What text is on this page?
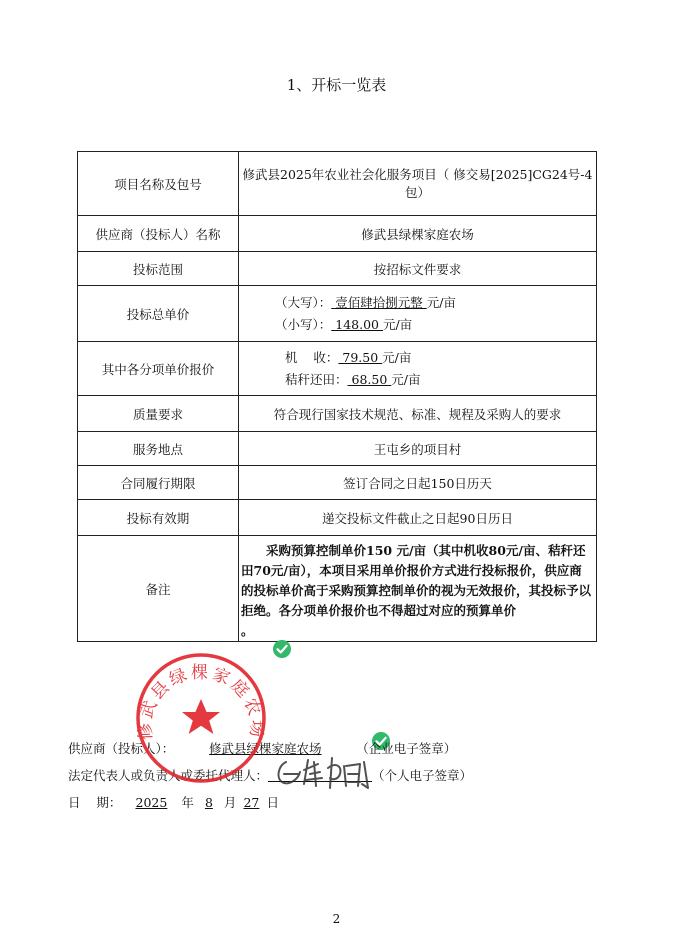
1、开标一览表
项目名称及包号	修武县2025年农业社会化服务项目（ 修交易[2025]CG24号-4包）
供应商（投标人）名称	修武县绿棵家庭农场
投标范围	按招标文件要求
投标总单价	（大写）： 壹佰肆拾捌元整 元/亩
（小写）： 148.00 元/亩

其中各分项单价报价	机    收： 79.50 元/亩
秸秆还田： 68.50 元/亩

质量要求	符合现行国家技术规范、标准、规程及采购人的要求
服务地点	王屯乡的项目村
合同履行期限	签订合同之日起150日历天
投标有效期	递交投标文件截止之日起90日历日
备注	采购预算控制单价150 元/亩（其中机收80元/亩、秸秆还田70元/亩），本项目采用单价报价方式进行投标报价，供应商的投标单价高于采购预算控制单价的视为无效报价，其投标予以拒绝。各分项单价报价也不得超过对应的预算单价
。
供应商（投标人）：	修武县绿棵家庭农场	（企业电子签章）
法定代表人或负责人或委托代理人：	（个人电子签章）
日    期： 2025 年 8 月 27 日
修武县绿棵家庭农场
2
